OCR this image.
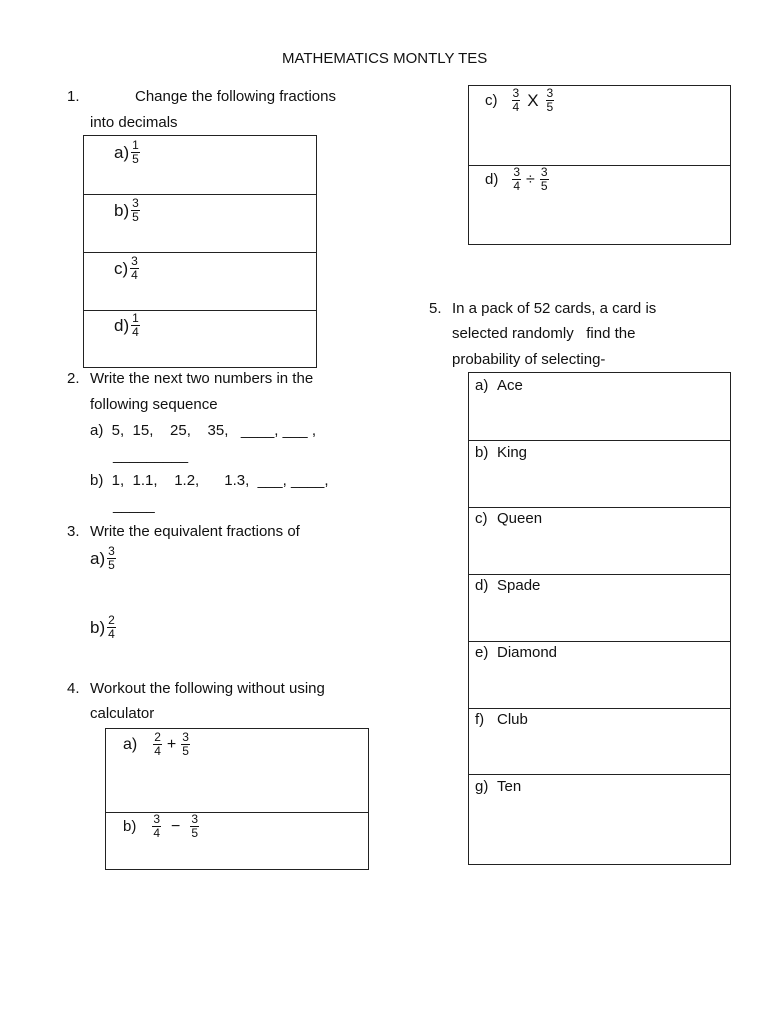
MATHEMATICS MONTLY TES
1.	Change the following fractions
into decimals
$a) \frac{1}{5}$
$b) \frac{3}{5}$
$c) \frac{3}{4}$
$d) \frac{1}{4}$
2. Write the next two numbers in the
following sequence
a)  5,  15,    25,    35,   ____, ___ ,
_________
b)  1,  1.1,    1.2,      1.3,  ___, ____,
_____
3. Write the equivalent fractions of
$a) \frac{3}{5}$
$b) \frac{2}{4}$
4. Workout the following without using
calculator
$a) \frac{2}{4} + \frac{3}{5}$
$b) \frac{3}{4} - \frac{3}{5}$
$c) \frac{3}{4}$ X $\frac{3}{5}$
$d) \frac{3}{4} \div \frac{3}{5}$
5. In a pack of 52 cards, a card is
selected randomly   find the
probability of selecting-
a) Ace
b) King
c) Queen
d) Spade
e) Diamond
f) Club
g) Ten
